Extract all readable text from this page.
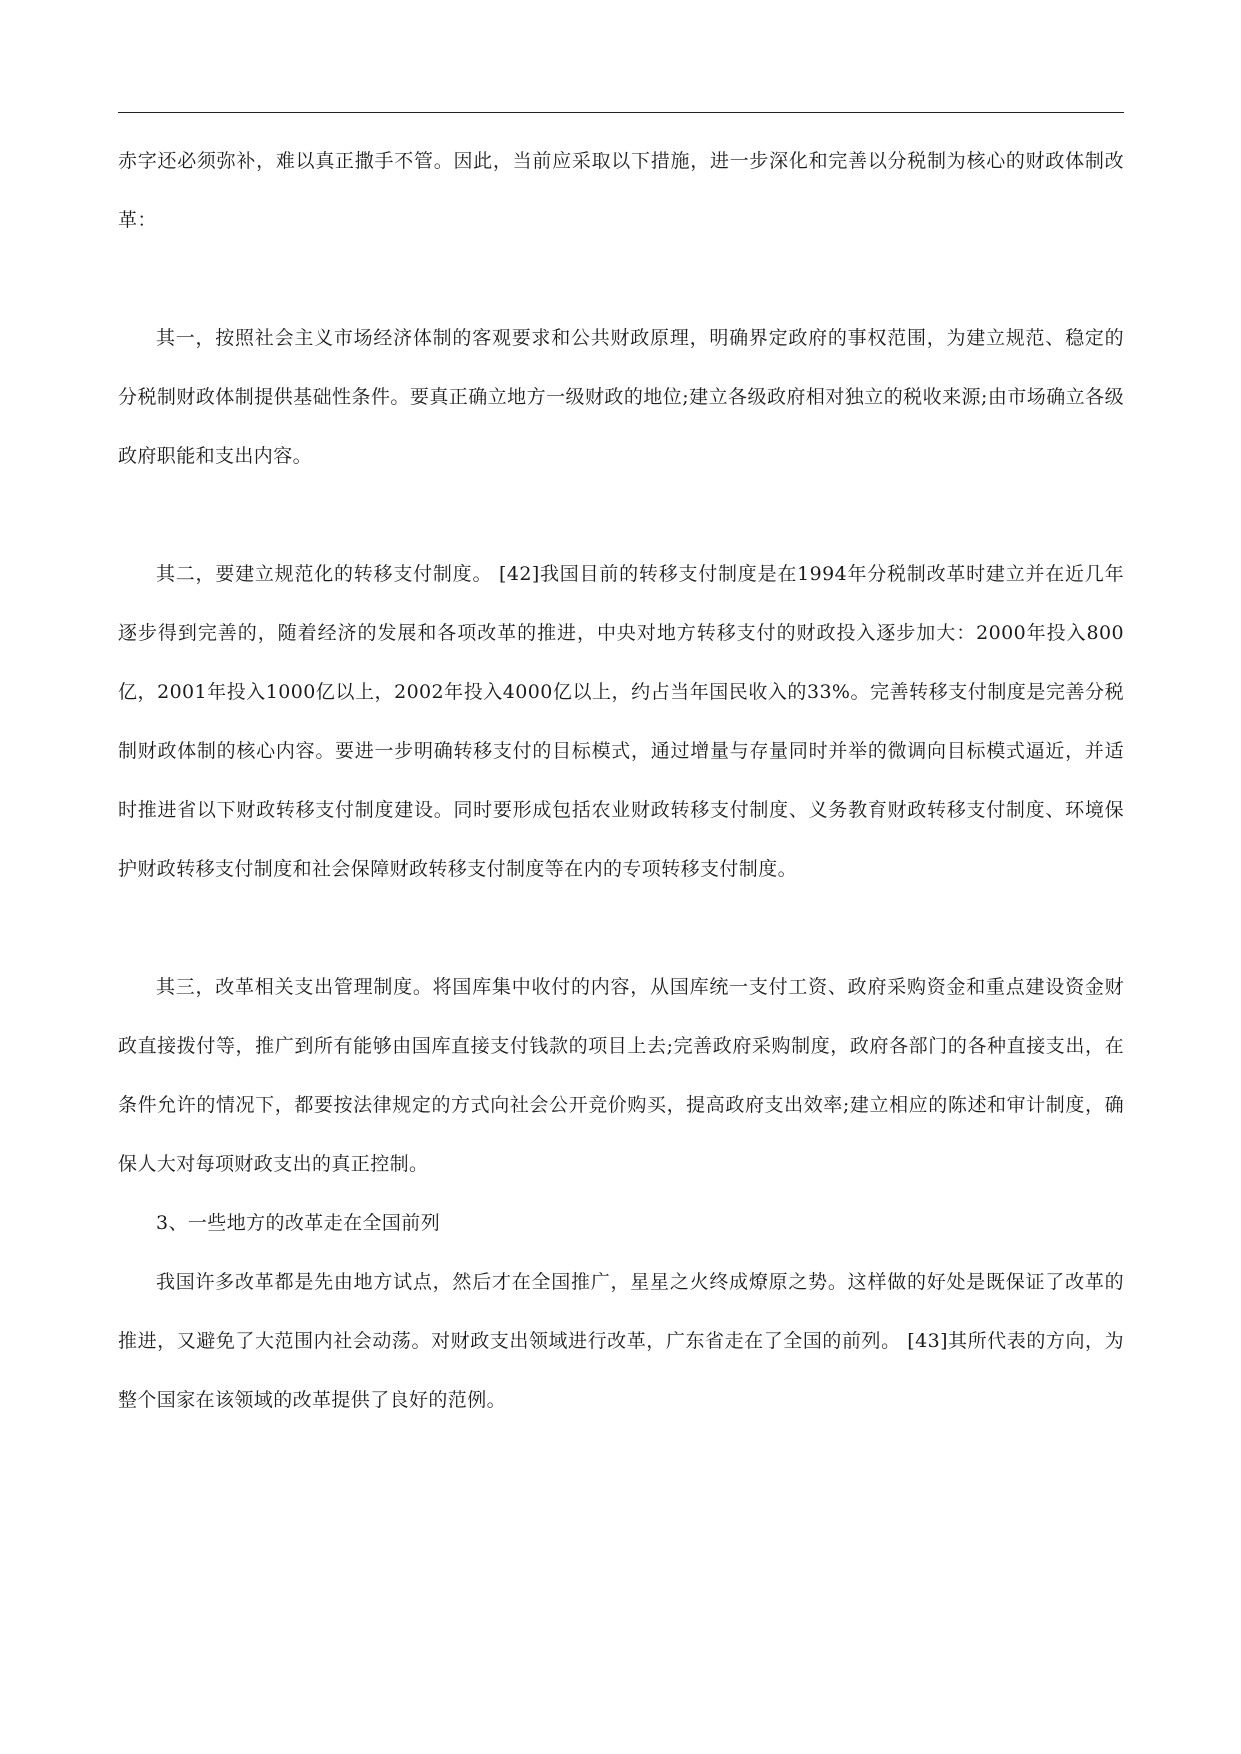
赤字还必须弥补，难以真正撒手不管。因此，当前应采取以下措施，进一步深化和完善以分税制为核心的财政体制改革：

其一，按照社会主义市场经济体制的客观要求和公共财政原理，明确界定政府的事权范围，为建立规范、稳定的分税制财政体制提供基础性条件。要真正确立地方一级财政的地位;建立各级政府相对独立的税收来源;由市场确立各级政府职能和支出内容。

其二，要建立规范化的转移支付制度。 [42]我国目前的转移支付制度是在1994年分税制改革时建立并在近几年逐步得到完善的，随着经济的发展和各项改革的推进，中央对地方转移支付的财政投入逐步加大：2000年投入800亿，2001年投入1000亿以上，2002年投入4000亿以上，约占当年国民收入的33%。完善转移支付制度是完善分税制财政体制的核心内容。要进一步明确转移支付的目标模式，通过增量与存量同时并举的微调向目标模式逼近，并适时推进省以下财政转移支付制度建设。同时要形成包括农业财政转移支付制度、义务教育财政转移支付制度、环境保护财政转移支付制度和社会保障财政转移支付制度等在内的专项转移支付制度。

其三，改革相关支出管理制度。将国库集中收付的内容，从国库统一支付工资、政府采购资金和重点建设资金财政直接拨付等，推广到所有能够由国库直接支付钱款的项目上去;完善政府采购制度，政府各部门的各种直接支出，在条件允许的情况下，都要按法律规定的方式向社会公开竞价购买，提高政府支出效率;建立相应的陈述和审计制度，确保人大对每项财政支出的真正控制。

3、一些地方的改革走在全国前列

我国许多改革都是先由地方试点，然后才在全国推广，星星之火终成燎原之势。这样做的好处是既保证了改革的推进，又避免了大范围内社会动荡。对财政支出领域进行改革，广东省走在了全国的前列。 [43]其所代表的方向，为整个国家在该领域的改革提供了良好的范例。
